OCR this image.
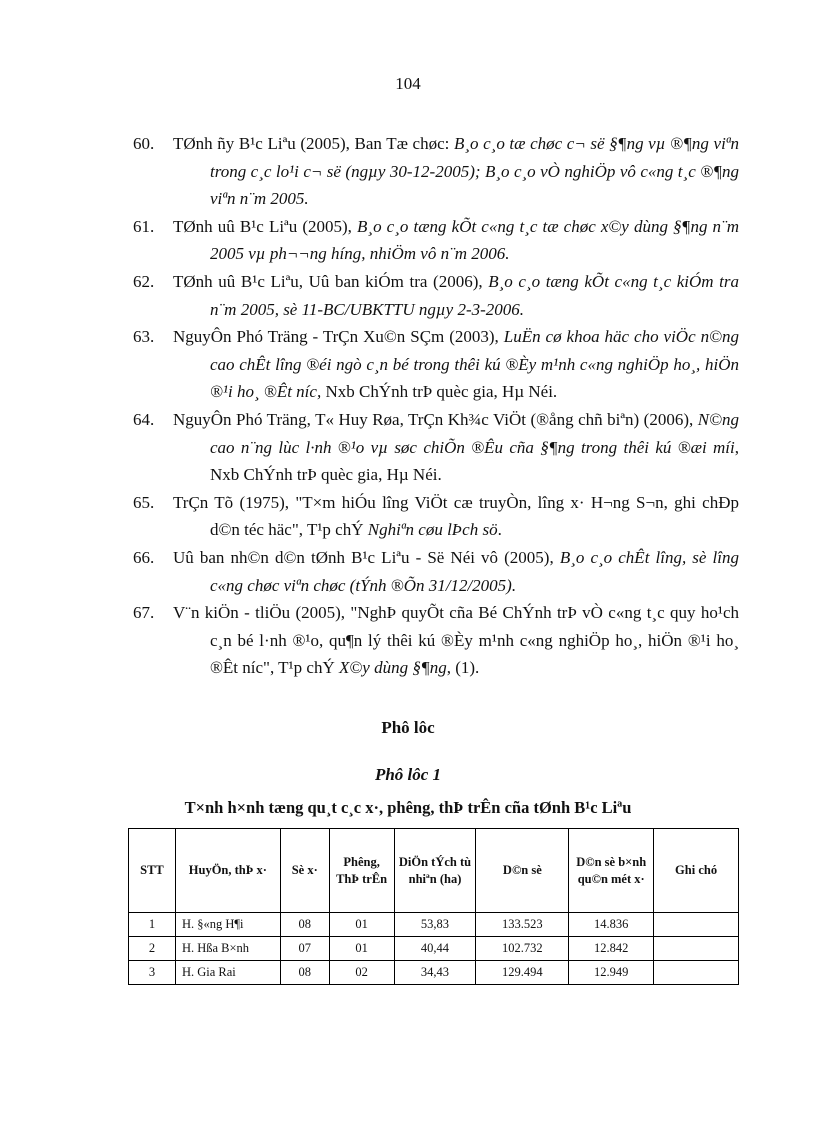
104

60. TØnh ñy B¹c Liªu (2005), Ban Tæ chøc: B¸o c¸o tæ chøc c¬ së §¶ng vµ ®¶ng viªn trong c¸c lo¹i c¬ së (ngµy 30-12-2005); B¸o c¸o vÒ nghiÖp vô c«ng t¸c ®¶ng viªn n¨m 2005.

61. TØnh uû B¹c Liªu (2005), B¸o c¸o tæng kÕt c«ng t¸c tæ chøc x©y dùng §¶ng n¨m 2005 vµ ph¬¬ng híng, nhiÖm vô n¨m 2006.

62. TØnh uû B¹c Liªu, Uû ban kiÓm tra (2006), B¸o c¸o tæng kÕt c«ng t¸c kiÓm tra n¨m 2005, sè 11-BC/UBKTTU ngµy 2-3-2006.

63. NguyÔn Phó Träng - TrÇn Xu©n SÇm (2003), LuËn cø khoa häc cho viÖc n©ng cao chÊt lîng ®éi ngò c¸n bé trong thêi kú ®Èy m¹nh c«ng nghiÖp ho¸, hiÖn ®¹i ho¸ ®Êt níc, Nxb ChÝnh trÞ quèc gia, Hµ Néi.

64. NguyÔn Phó Träng, T« Huy Røa, TrÇn Kh¾c ViÖt (®ång chñ biªn) (2006), N©ng cao n¨ng lùc l·nh ®¹o vµ søc chiÕn ®Êu cña §¶ng trong thêi kú ®æi míi, Nxb ChÝnh trÞ quèc gia, Hµ Néi.

65. TrÇn Tõ (1975), "T×m hiÓu lîng ViÖt cæ truyÒn, lîng x· H¬ng S¬n, ghi chÐp d©n téc häc", T¹p chÝ Nghiªn cøu lÞch sö.

66. Uû ban nh©n d©n tØnh B¹c Liªu - Së Néi vô (2005), B¸o c¸o chÊt lîng, sè lîng c«ng chøc viªn chøc (tÝnh ®Õn 31/12/2005).

67. V¨n kiÖn - tliÖu (2005), "NghÞ quyÕt cña Bé ChÝnh trÞ vÒ c«ng t¸c quy ho¹ch c¸n bé l·nh ®¹o, qu¶n lý thêi kú ®Èy m¹nh c«ng nghiÖp ho¸, hiÖn ®¹i ho¸ ®Êt níc", T¹p chÝ X©y dùng §¶ng, (1).

Phô lôc
Phô lôc 1
T×nh h×nh tæng qu¸t c¸c x·, phêng, thÞ trÊn cña tØnh B¹c Liªu
STT	HuyÖn, thÞ x·	Sè x·	Phêng, ThÞ trÊn	DiÖn tÝch tù nhiªn (ha)	D©n sè	D©n sè b×nh qu©n mét x·	Ghi chó
1	H. §«ng H¶i	08	01	53,83	133.523	14.836	
2	H. Hßa B×nh	07	01	40,44	102.732	12.842	
3	H. Gia Rai	08	02	34,43	129.494	12.949	
